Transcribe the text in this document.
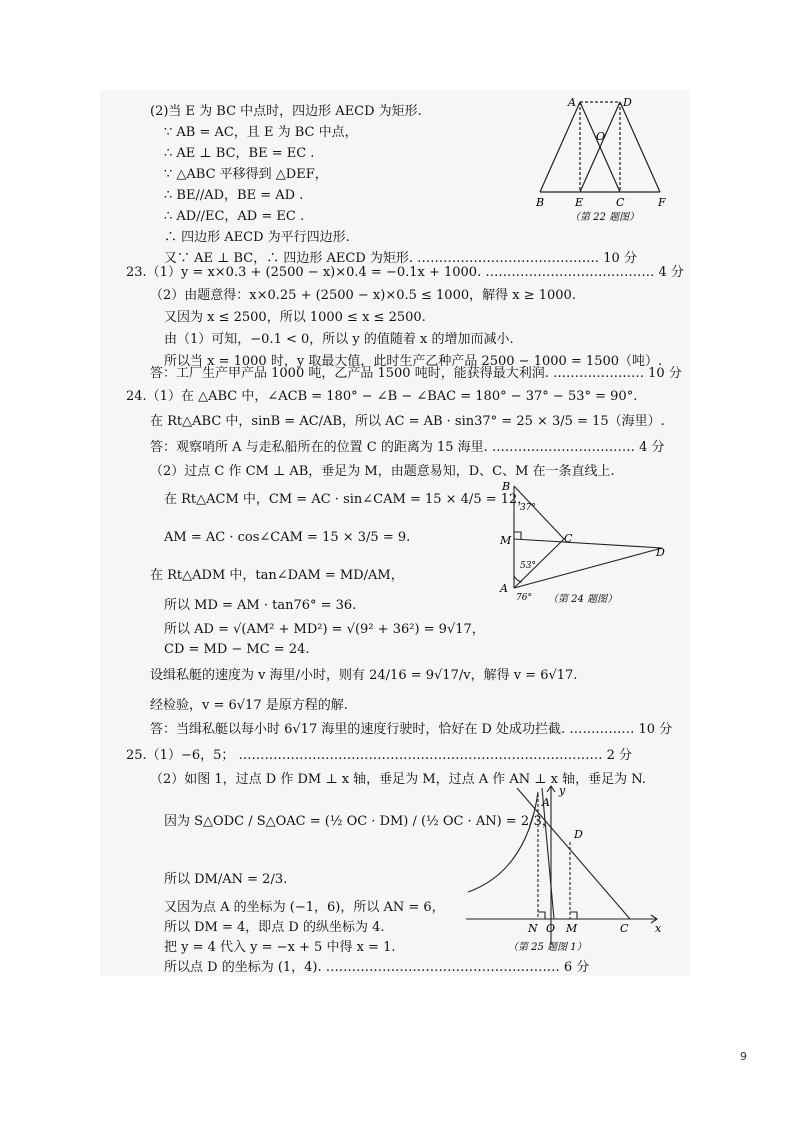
(2)当 E 为 BC 中点时，四边形 AECD 为矩形.
∵ AB = AC，且 E 为 BC 中点，
∴ AE ⊥ BC，BE = EC .
∵ △ABC 平移得到 △DEF，
∴ BE//AD，BE = AD .
∴ AD//EC，AD = EC .
∴ 四边形 AECD 为平行四边形.
又∵ AE ⊥ BC，∴ 四边形 AECD 为矩形. …………………………………… 10 分
A	D
O
B	E	C	F
（第 22 题图）
23.（1）y = x×0.3 + (2500 − x)×0.4 = −0.1x + 1000. ………………………………… 4 分
（2）由题意得：x×0.25 + (2500 − x)×0.5 ≤ 1000，解得 x ≥ 1000.
又因为 x ≤ 2500，所以 1000 ≤ x ≤ 2500.
由（1）可知，−0.1 < 0，所以 y 的值随着 x 的增加而减小.
所以当 x = 1000 时，y 取最大值，此时生产乙种产品 2500 − 1000 = 1500（吨）.
答：工厂生产甲产品 1000 吨，乙产品 1500 吨时，能获得最大利润. ………………… 10 分
24.（1）在 △ABC 中，∠ACB = 180° − ∠B − ∠BAC = 180° − 37° − 53° = 90°.
在 Rt△ABC 中，sinB = AC/AB，所以 AC = AB · sin37° = 25 × 3/5 = 15（海里）.
答：观察哨所 A 与走私船所在的位置 C 的距离为 15 海里. …………………………… 4 分
（2）过点 C 作 CM ⊥ AB，垂足为 M，由题意易知，D、C、M 在一条直线上.
在 Rt△ACM 中，CM = AC · sin∠CAM = 15 × 4/5 = 12，
AM = AC · cos∠CAM = 15 × 3/5 = 9.
在 Rt△ADM 中，tan∠DAM = MD/AM，
所以 MD = AM · tan76° = 36.
所以 AD = √(AM² + MD²) = √(9² + 36²) = 9√17，
CD = MD − MC = 24.
设缉私艇的速度为 v 海里/小时，则有 24/16 = 9√17/v，解得 v = 6√17.
经检验，v = 6√17 是原方程的解.
答：当缉私艇以每小时 6√17 海里的速度行驶时，恰好在 D 处成功拦截. …………… 10 分
B
37°
M	C
D
53°
A
76° （第 24 题图）
25.（1）−6，5； ………………………………………………………………………… 2 分
（2）如图 1，过点 D 作 DM ⊥ x 轴，垂足为 M，过点 A 作 AN ⊥ x 轴，垂足为 N.
因为 S△ODC / S△OAC = (½ OC · DM) / (½ OC · AN) = 2/3，
所以 DM/AN = 2/3.
又因为点 A 的坐标为 (−1，6)，所以 AN = 6，
所以 DM = 4，即点 D 的纵坐标为 4.
把 y = 4 代入 y = −x + 5 中得 x = 1.
所以点 D 的坐标为 (1，4). ……………………………………………… 6 分
y
A
D
N O M	C x
（第 25 题图 1）
9
